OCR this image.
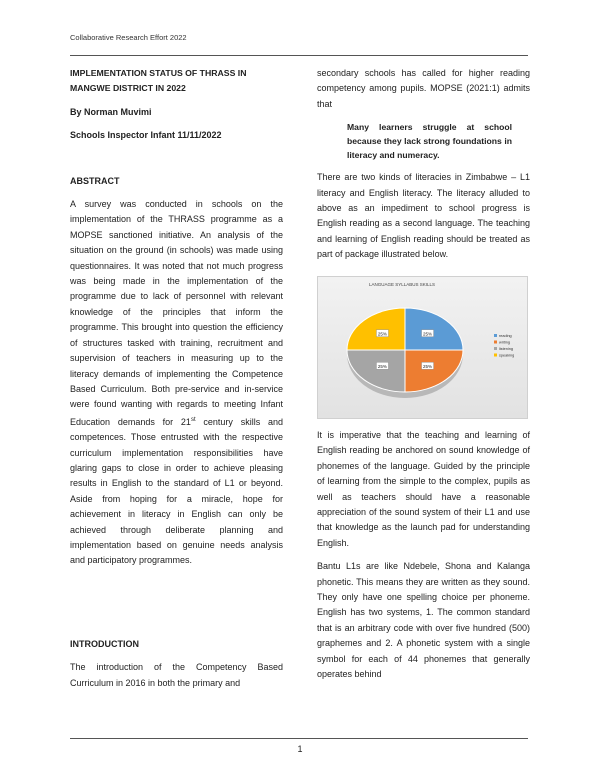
Collaborative Research Effort 2022

IMPLEMENTATION STATUS OF THRASS IN MANGWE DISTRICT IN 2022

By Norman Muvimi

Schools Inspector Infant 11/11/2022

ABSTRACT

A survey was conducted in schools on the implementation of the THRASS programme as a MOPSE sanctioned initiative. An analysis of the situation on the ground (in schools) was made using questionnaires. It was noted that not much progress was being made in the implementation of the programme due to lack of personnel with relevant knowledge of the principles that inform the programme. This brought into question the efficiency of structures tasked with training, recruitment and supervision of teachers in measuring up to the literacy demands of implementing the Competence Based Curriculum. Both pre-service and in-service were found wanting with regards to meeting Infant Education demands for 21st century skills and competences. Those entrusted with the respective curriculum implementation responsibilities have glaring gaps to close in order to achieve pleasing results in English to the standard of L1 or beyond. Aside from hoping for a miracle, hope for achievement in literacy in English can only be achieved through deliberate planning and implementation based on genuine needs analysis and participatory programmes.

INTRODUCTION

The introduction of the Competency Based Curriculum in 2016 in both the primary and

secondary schools has called for higher reading competency among pupils. MOPSE (2021:1) admits that

Many learners struggle at school because they lack strong foundations in literacy and numeracy.

There are two kinds of literacies in Zimbabwe – L1 literacy and English literacy. The literacy alluded to above as an impediment to school progress is English reading as a second language. The teaching and learning of English reading should be treated as part of package illustrated below.

LANGUAGE SYLLABUS SKILLS
25%
25%
25%
25%	reading
writing
listening
speaking

It is imperative that the teaching and learning of English reading be anchored on sound knowledge of phonemes of the language. Guided by the principle of learning from the simple to the complex, pupils as well as teachers should have a reasonable appreciation of the sound system of their L1 and use that knowledge as the launch pad for understanding English.

Bantu L1s are like Ndebele, Shona and Kalanga phonetic. This means they are written as they sound. They only have one spelling choice per phoneme. English has two systems, 1. The common standard that is an arbitrary code with over five hundred (500) graphemes and 2. A phonetic system with a single symbol for each of 44 phonemes that generally operates behind

1
